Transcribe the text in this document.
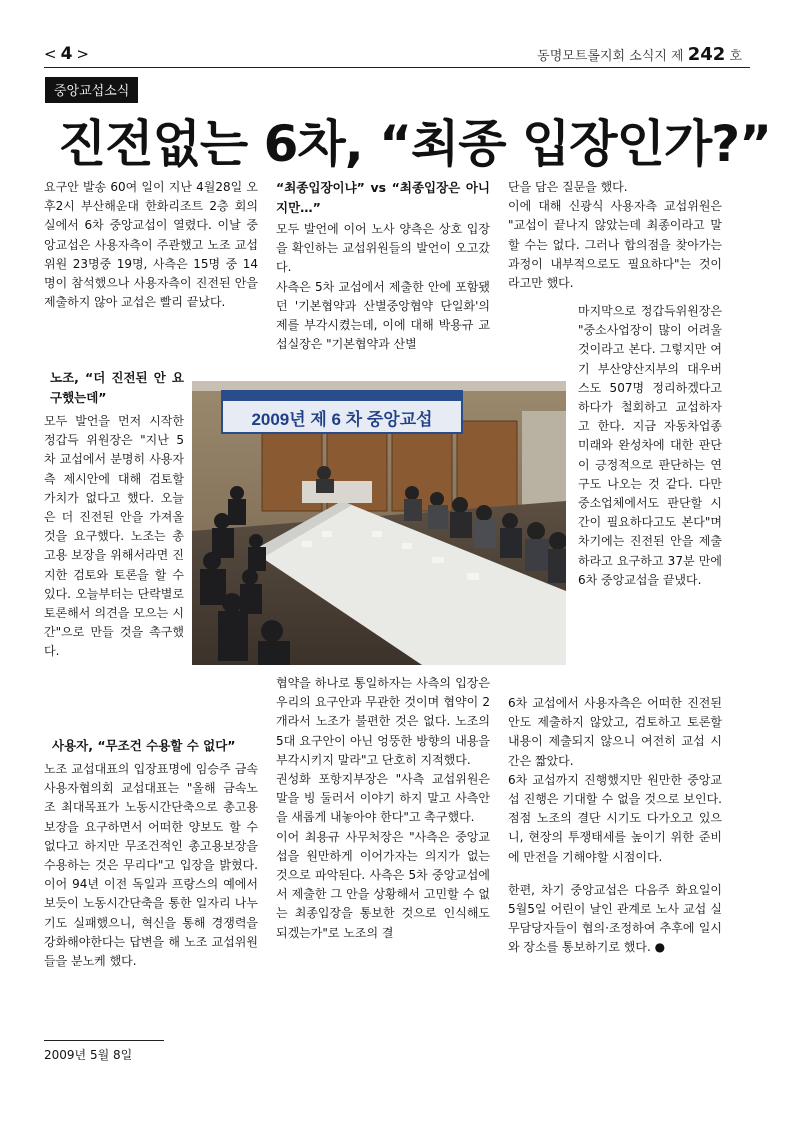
< 4 >	동명모트롤지회 소식지 제 242 호
중앙교섭소식
진전없는 6차, “최종 입장인가?”

요구안 발송 60여 일이 지난 4월28일 오후2시 부산해운대 한화리조트 2층 회의실에서 6차 중앙교섭이 열렸다. 이날 중앙교섭은 사용자측이 주관했고 노조 교섭위원 23명중 19명, 사측은 15명 중 14명이 참석했으나 사용자측이 진전된 안을 제출하지 않아 교섭은 빨리 끝났다.

노조, “더 진전된 안 요구했는데”

모두 발언을 먼저 시작한 정갑득 위원장은 "지난 5차 교섭에서 분명히 사용자측 제시안에 대해 검토할 가치가 없다고 했다. 오늘은 더 진전된 안을 가져올 것을 요구했다. 노조는 총고용 보장을 위해서라면 진지한 검토와 토론을 할 수 있다. 오늘부터는 단락별로 토론해서 의견을 모으는 시간"으로 만들 것을 촉구했다.

사용자, “무조건 수용할 수 없다”

노조 교섭대표의 입장표명에 임승주 금속사용자협의회 교섭대표는 "올해 금속노조 최대목표가 노동시간단축으로 총고용보장을 요구하면서 어떠한 양보도 할 수 없다고 하지만 무조건적인 총고용보장을 수용하는 것은 무리다"고 입장을 밝혔다. 이어 94년 이전 독일과 프랑스의 예에서 보듯이 노동시간단축을 통한 일자리 나누기도 실패했으니, 혁신을 통해 경쟁력을 강화해야한다는 답변을 해 노조 교섭위원들을 분노케 했다.

“최종입장이냐” vs “최종입장은 아니지만…”

모두 발언에 이어 노사 양측은 상호 입장을 확인하는 교섭위원들의 발언이 오고갔다.

사측은 5차 교섭에서 제출한 안에 포함됐던 '기본협약과 산별중앙협약 단일화'의제를 부각시켰는데, 이에 대해 박용규 교섭실장은 "기본협약과 산별

협약을 하나로 통일하자는 사측의 입장은 우리의 요구안과 무관한 것이며 협약이 2개라서 노조가 불편한 것은 없다. 노조의 5대 요구안이 아닌 엉뚱한 방향의 내용을 부각시키지 말라"고 단호히 지적했다.

권성화 포항지부장은 "사측 교섭위원은 말을 빙 둘러서 이야기 하지 말고 사측안을 새롭게 내놓아야 한다"고 촉구했다.

이어 최용규 사무처장은 "사측은 중앙교섭을 원만하게 이어가자는 의지가 없는 것으로 파악된다. 사측은 5차 중앙교섭에서 제출한 그 안을 상황해서 고민할 수 없는 최종입장을 통보한 것으로 인식해도 되겠는가"로 노조의 결

단을 담은 질문을 했다.

이에 대해 신광식 사용자측 교섭위원은 "교섭이 끝나지 않았는데 최종이라고 말 할 수는 없다. 그러나 합의점을 찾아가는 과정이 내부적으로도 필요하다"는 것이라고만 했다.

마지막으로 정갑득위원장은 "중소사업장이 많이 어려울 것이라고 본다. 그렇지만 여기 부산양산지부의 대우버스도 507명 정리하겠다고 하다가 철회하고 교섭하자고 한다. 지금 자동차업종 미래와 완성차에 대한 판단이 긍정적으로 판단하는 연구도 나오는 것 같다. 다만 중소업체에서도 판단할 시간이 필요하다고도 본다"며 차기에는 진전된 안을 제출하라고 요구하고 37분 만에 6차 중앙교섭을 끝냈다.

6차 교섭에서 사용자측은 어떠한 진전된 안도 제출하지 않았고, 검토하고 토론할 내용이 제출되지 않으니 여전히 교섭 시간은 짧았다.

6차 교섭까지 진행했지만 원만한 중앙교섭 진행은 기대할 수 없을 것으로 보인다. 점점 노조의 결단 시기도 다가오고 있으니, 현장의 투쟁태세를 높이기 위한 준비에 만전을 기해야할 시점이다.

한편, 차기 중앙교섭은 다음주 화요일이 5월5일 어린이 날인 관계로 노사 교섭 실무담당자들이 협의·조정하여 추후에 일시와 장소를 통보하기로 했다. ●

2009년 제 6 차 중앙교섭
2009년 5월 8일
